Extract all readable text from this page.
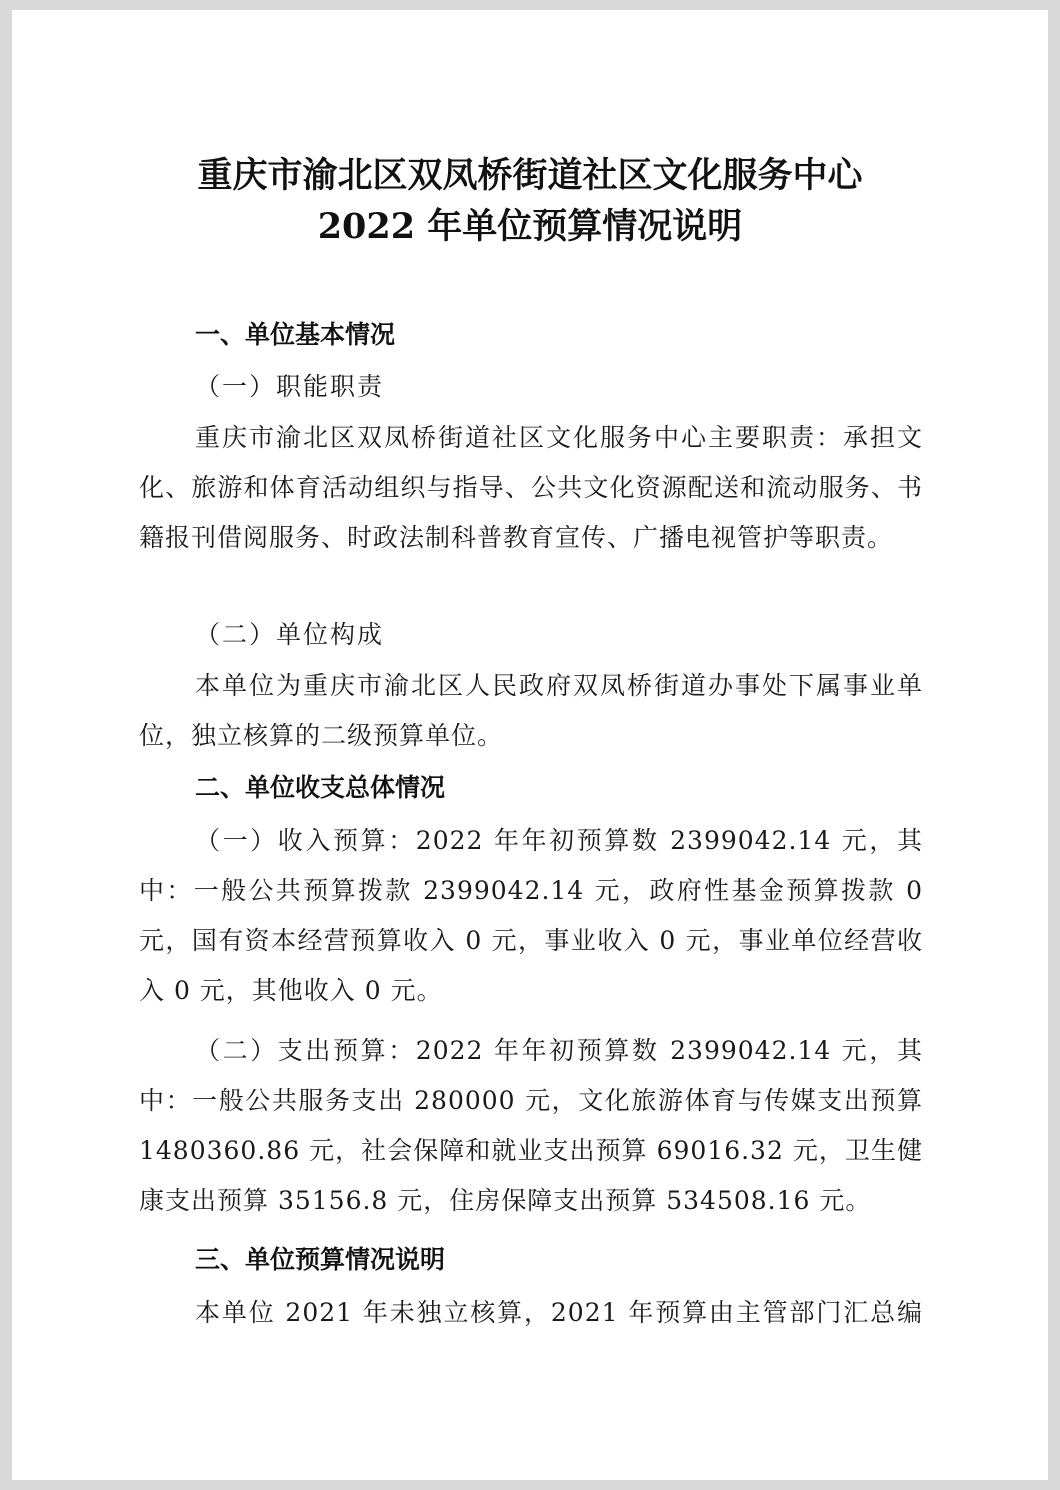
重庆市渝北区双凤桥街道社区文化服务中心
2022 年单位预算情况说明
一、单位基本情况
（一）职能职责

重庆市渝北区双凤桥街道社区文化服务中心主要职责：承担文化、旅游和体育活动组织与指导、公共文化资源配送和流动服务、书籍报刊借阅服务、时政法制科普教育宣传、广播电视管护等职责。

（二）单位构成

本单位为重庆市渝北区人民政府双凤桥街道办事处下属事业单位，独立核算的二级预算单位。

二、单位收支总体情况

（一）收入预算：2022 年年初预算数 2399042.14 元，其中：一般公共预算拨款 2399042.14 元，政府性基金预算拨款 0 元，国有资本经营预算收入 0 元，事业收入 0 元，事业单位经营收入 0 元，其他收入 0 元。

（二）支出预算：2022 年年初预算数 2399042.14 元，其中：一般公共服务支出 280000 元，文化旅游体育与传媒支出预算 1480360.86 元，社会保障和就业支出预算 69016.32 元，卫生健康支出预算 35156.8 元，住房保障支出预算 534508.16 元。

三、单位预算情况说明

本单位 2021 年未独立核算，2021 年预算由主管部门汇总编
